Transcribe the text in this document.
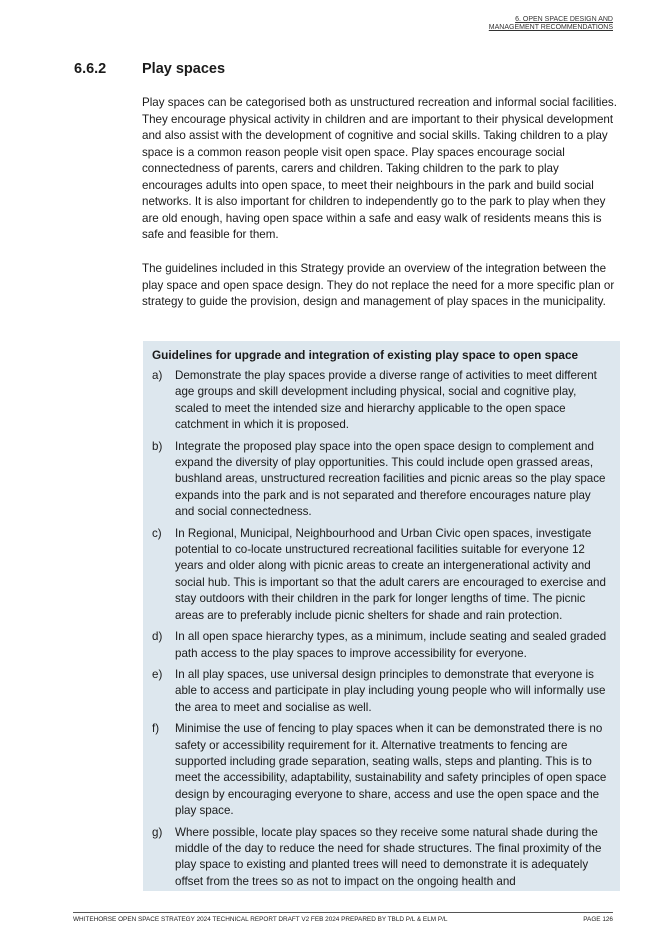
6. OPEN SPACE DESIGN AND
MANAGEMENT RECOMMENDATIONS
6.6.2 Play spaces

Play spaces can be categorised both as unstructured recreation and informal social facilities. They encourage physical activity in children and are important to their physical development and also assist with the development of cognitive and social skills. Taking children to a play space is a common reason people visit open space. Play spaces encourage social connectedness of parents, carers and children. Taking children to the park to play encourages adults into open space, to meet their neighbours in the park and build social networks. It is also important for children to independently go to the park to play when they are old enough, having open space within a safe and easy walk of residents means this is safe and feasible for them.

The guidelines included in this Strategy provide an overview of the integration between the play space and open space design. They do not replace the need for a more specific plan or strategy to guide the provision, design and management of play spaces in the municipality.

Guidelines for upgrade and integration of existing play space to open space
a) Demonstrate the play spaces provide a diverse range of activities to meet different age groups and skill development including physical, social and cognitive play, scaled to meet the intended size and hierarchy applicable to the open space catchment in which it is proposed.
b) Integrate the proposed play space into the open space design to complement and expand the diversity of play opportunities. This could include open grassed areas, bushland areas, unstructured recreation facilities and picnic areas so the play space expands into the park and is not separated and therefore encourages nature play and social connectedness.
c) In Regional, Municipal, Neighbourhood and Urban Civic open spaces, investigate potential to co-locate unstructured recreational facilities suitable for everyone 12 years and older along with picnic areas to create an intergenerational activity and social hub. This is important so that the adult carers are encouraged to exercise and stay outdoors with their children in the park for longer lengths of time. The picnic areas are to preferably include picnic shelters for shade and rain protection.
d) In all open space hierarchy types, as a minimum, include seating and sealed graded path access to the play spaces to improve accessibility for everyone.
e) In all play spaces, use universal design principles to demonstrate that everyone is able to access and participate in play including young people who will informally use the area to meet and socialise as well.
f) Minimise the use of fencing to play spaces when it can be demonstrated there is no safety or accessibility requirement for it. Alternative treatments to fencing are supported including grade separation, seating walls, steps and planting. This is to meet the accessibility, adaptability, sustainability and safety principles of open space design by encouraging everyone to share, access and use the open space and the play space.
g) Where possible, locate play spaces so they receive some natural shade during the middle of the day to reduce the need for shade structures. The final proximity of the play space to existing and planted trees will need to demonstrate it is adequately offset from the trees so as not to impact on the ongoing health and
WHITEHORSE OPEN SPACE STRATEGY 2024 TECHNICAL REPORT DRAFT V2 FEB 2024 PREPARED BY TBLD P/L & ELM P/L	PAGE 126
